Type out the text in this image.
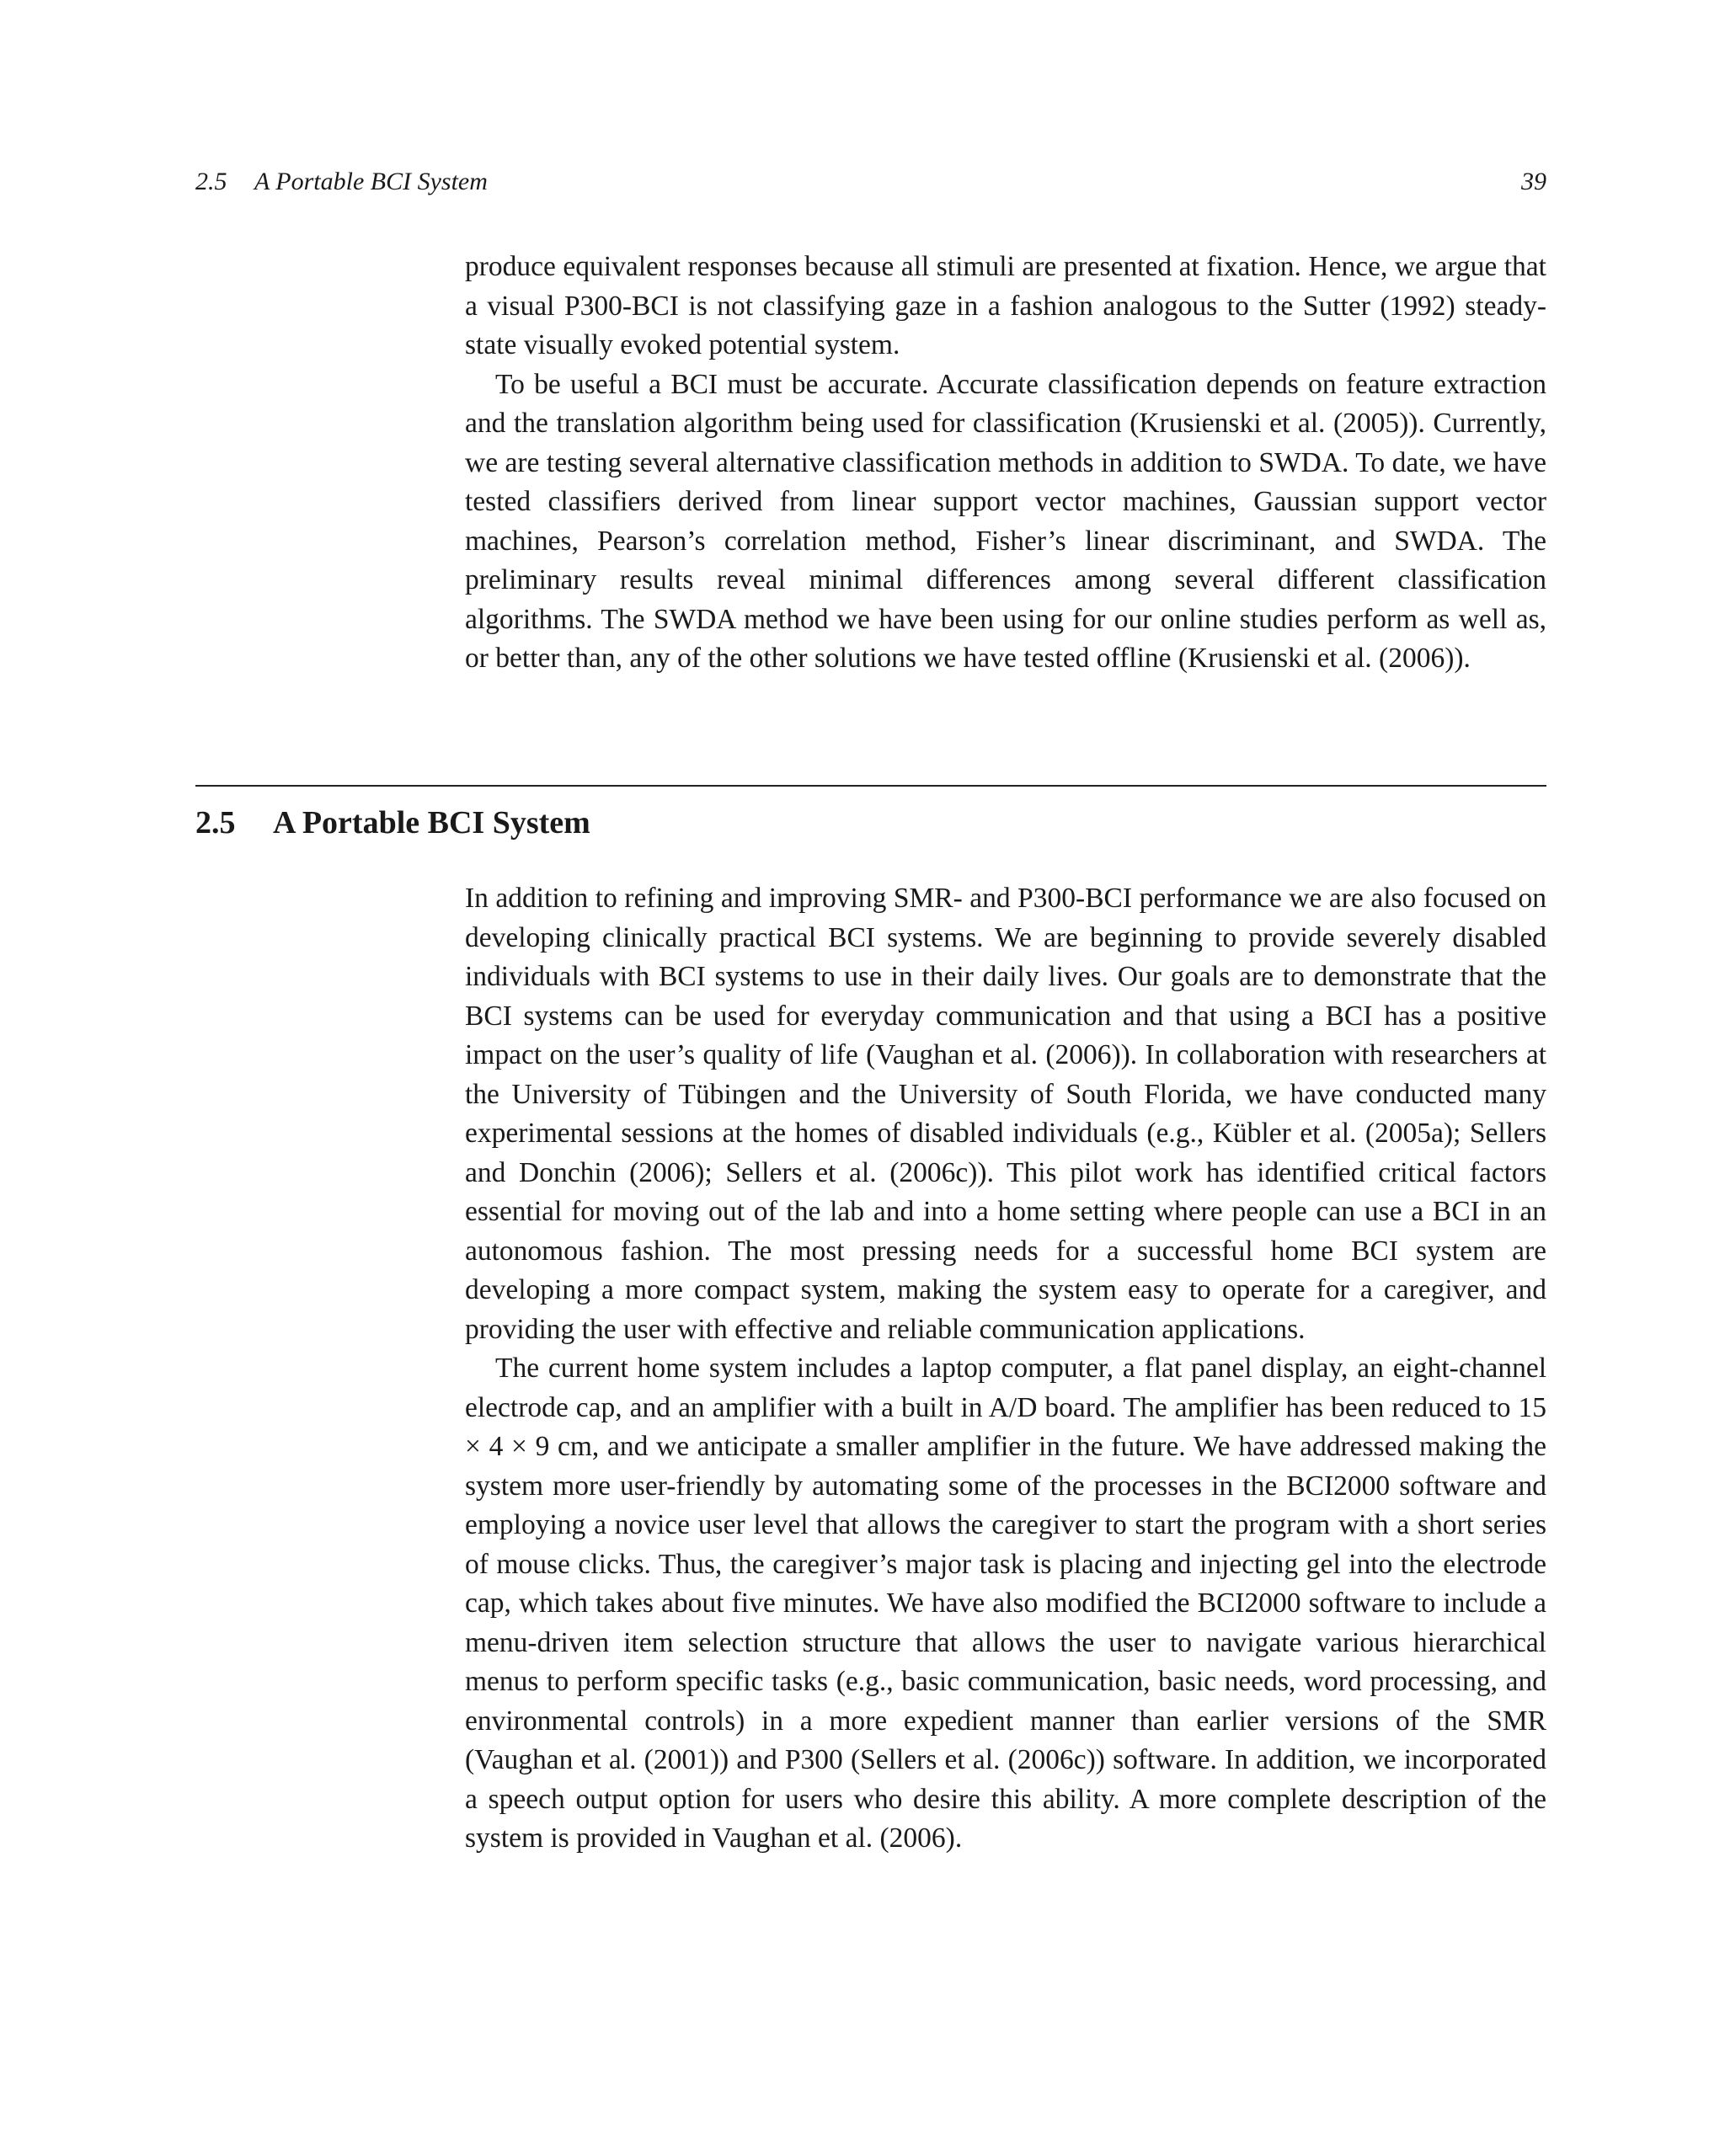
2.5 A Portable BCI System	39

produce equivalent responses because all stimuli are presented at fixation. Hence, we argue that a visual P300-BCI is not classifying gaze in a fashion analogous to the Sutter (1992) steady-state visually evoked potential system.

To be useful a BCI must be accurate. Accurate classification depends on feature extraction and the translation algorithm being used for classification (Krusienski et al. (2005)). Currently, we are testing several alternative classification methods in addition to SWDA. To date, we have tested classifiers derived from linear support vector machines, Gaussian support vector machines, Pearson’s correlation method, Fisher’s linear discriminant, and SWDA. The preliminary results reveal minimal differences among several different classification algorithms. The SWDA method we have been using for our online studies perform as well as, or better than, any of the other solutions we have tested offline (Krusienski et al. (2006)).

2.5 A Portable BCI System

In addition to refining and improving SMR- and P300-BCI performance we are also focused on developing clinically practical BCI systems. We are beginning to provide severely disabled individuals with BCI systems to use in their daily lives. Our goals are to demonstrate that the BCI systems can be used for everyday communication and that using a BCI has a positive impact on the user’s quality of life (Vaughan et al. (2006)). In collaboration with researchers at the University of Tübingen and the University of South Florida, we have conducted many experimental sessions at the homes of disabled individuals (e.g., Kübler et al. (2005a); Sellers and Donchin (2006); Sellers et al. (2006c)). This pilot work has identified critical factors essential for moving out of the lab and into a home setting where people can use a BCI in an autonomous fashion. The most pressing needs for a successful home BCI system are developing a more compact system, making the system easy to operate for a caregiver, and providing the user with effective and reliable communication applications.

The current home system includes a laptop computer, a flat panel display, an eight-channel electrode cap, and an amplifier with a built in A/D board. The amplifier has been reduced to 15 × 4 × 9 cm, and we anticipate a smaller amplifier in the future. We have addressed making the system more user-friendly by automating some of the processes in the BCI2000 software and employing a novice user level that allows the caregiver to start the program with a short series of mouse clicks. Thus, the caregiver’s major task is placing and injecting gel into the electrode cap, which takes about five minutes. We have also modified the BCI2000 software to include a menu-driven item selection structure that allows the user to navigate various hierarchical menus to perform specific tasks (e.g., basic communication, basic needs, word processing, and environmental controls) in a more expedient manner than earlier versions of the SMR (Vaughan et al. (2001)) and P300 (Sellers et al. (2006c)) software. In addition, we incorporated a speech output option for users who desire this ability. A more complete description of the system is provided in Vaughan et al. (2006).
